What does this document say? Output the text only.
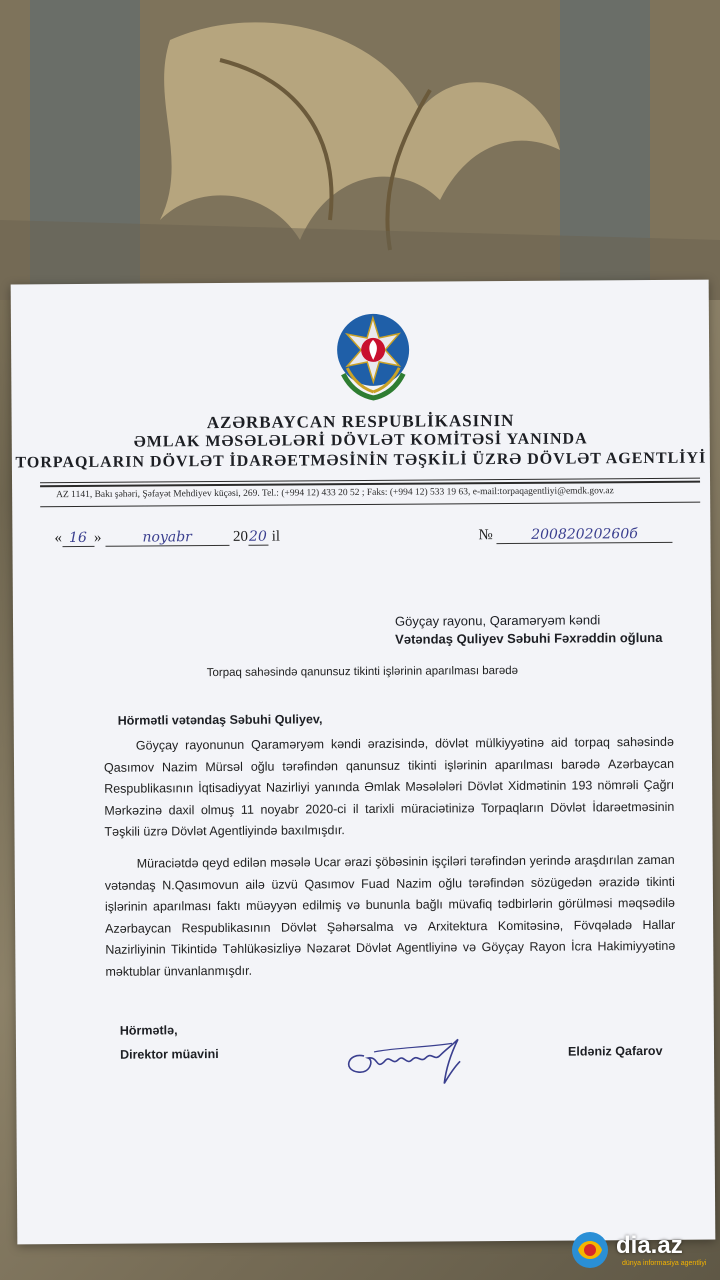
AZƏRBAYCAN RESPUBLİKASININ
ƏMLAK MƏSƏLƏLƏRİ DÖVLƏT KOMİTƏSİ YANINDA
TORPAQLARIN DÖVLƏT İDARƏETMƏSİNİN TƏŞKİLİ ÜZRƏ DÖVLƏT AGENTLİYİ
AZ 1141, Bakı şəhəri, Şəfayət Mehdiyev küçəsi, 269. Tel.: (+994 12) 433 20 52 ; Faks: (+994 12) 533 19 63, e-mail:torpaqagentliyi@emdk.gov.az
« 16 »	noyabr	2020 il	№	20082020260б
Göyçay rayonu, Qaramәryәm kәndi
Vәtәndaş Quliyev Sәbuhi Fәxrәddin oğluna
Torpaq sahәsindә qanunsuz tikinti işlәrinin aparılması barәdә
Hörmәtli vәtәndaş Sәbuhi Quliyev,
Göyçay rayonunun Qaramәryәm kәndi әrazisindә, dövlәt mülkiyyәtinә aid torpaq sahәsindә Qasımov Nazim Mürsәl oğlu tәrәfindәn qanunsuz tikinti işlәrinin aparılması barәdә Azәrbaycan Respublikasının İqtisadiyyat Nazirliyi yanında Әmlak Mәsәlәlәri Dövlәt Xidmәtinin 193 nömrәli Çağrı Mәrkәzinә daxil olmuş 11 noyabr 2020-ci il tarixli müraciәtinizә Torpaqların Dövlәt İdarәetmәsinin Tәşkili üzrә Dövlәt Agentliyindә baxılmışdır.
Müraciәtdә qeyd edilәn mәsәlә Ucar әrazi şöbәsinin işçilәri tәrәfindәn yerindә araşdırılan zaman vәtәndaş N.Qasımovun ailә üzvü Qasımov Fuad Nazim oğlu tәrәfindәn sözügedәn әrazidә tikinti işlәrinin aparılması faktı müәyyәn edilmiş vә bununla bağlı müvafiq tәdbirlәrin görülmәsi mәqsәdilә Azәrbaycan Respublikasının Dövlәt Şәhәrsalma vә Arxitektura Komitәsinә, Fövqәladә Hallar Nazirliyinin Tikintidә Tәhlükәsizliyә Nәzarәt Dövlәt Agentliyinә vә Göyçay Rayon İcra Hakimiyyәtinә mәktublar ünvanlanmışdır.
Hörmәtlә,
Direktor müavini	Eldәniz Qafarov
dia.az
dünya informasiya agentliyi
